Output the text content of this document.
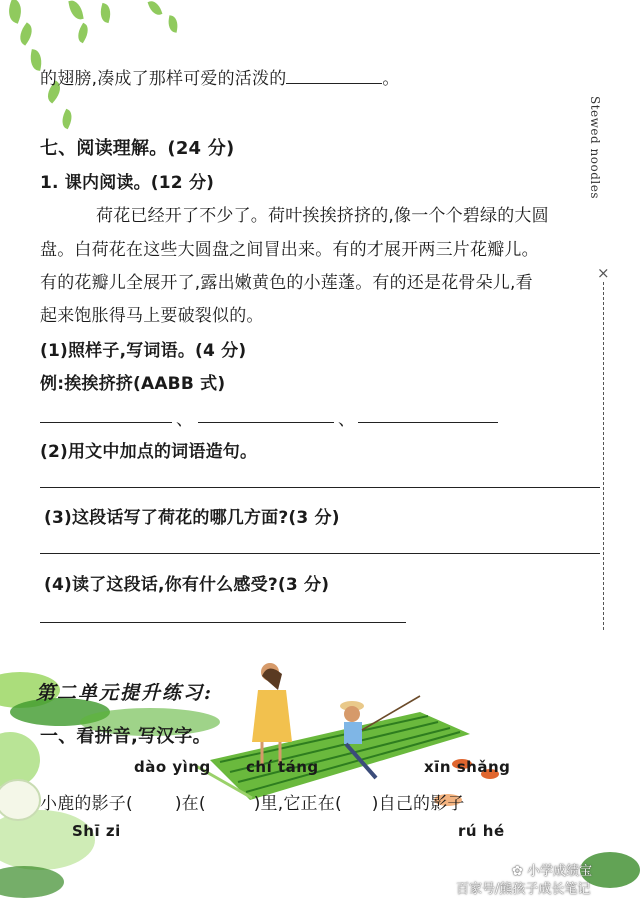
的翅膀,凑成了那样可爱的活泼的	。
Stewed noodles
×
七、阅读理解。(24 分)
1. 课内阅读。(12 分)
荷花已经开了不少了。荷叶挨挨挤挤的,像一个个碧绿的大圆
盘。白荷花在这些大圆盘之间冒出来。有的才展开两三片花瓣儿。
有的花瓣儿全展开了,露出嫩黄色的小莲蓬。有的还是花骨朵儿,看
起来饱胀得马上要破裂似的。
(1)照样子,写词语。(4 分)
例:挨挨挤挤(AABB 式)
、	、
(2)用文中加点的词语造句。
(3)这段话写了荷花的哪几方面?(3 分)
(4)读了这段话,你有什么感受?(3 分)
第二单元提升练习:
一、看拼音,写汉字。
dào yìng chí táng	xīn shǎng
小鹿的影子( )在(	)里,它正在( )自己的影子
Shī zi	rú hé
✿ 小学成绩宝
百家号/熊孩子成长笔记
